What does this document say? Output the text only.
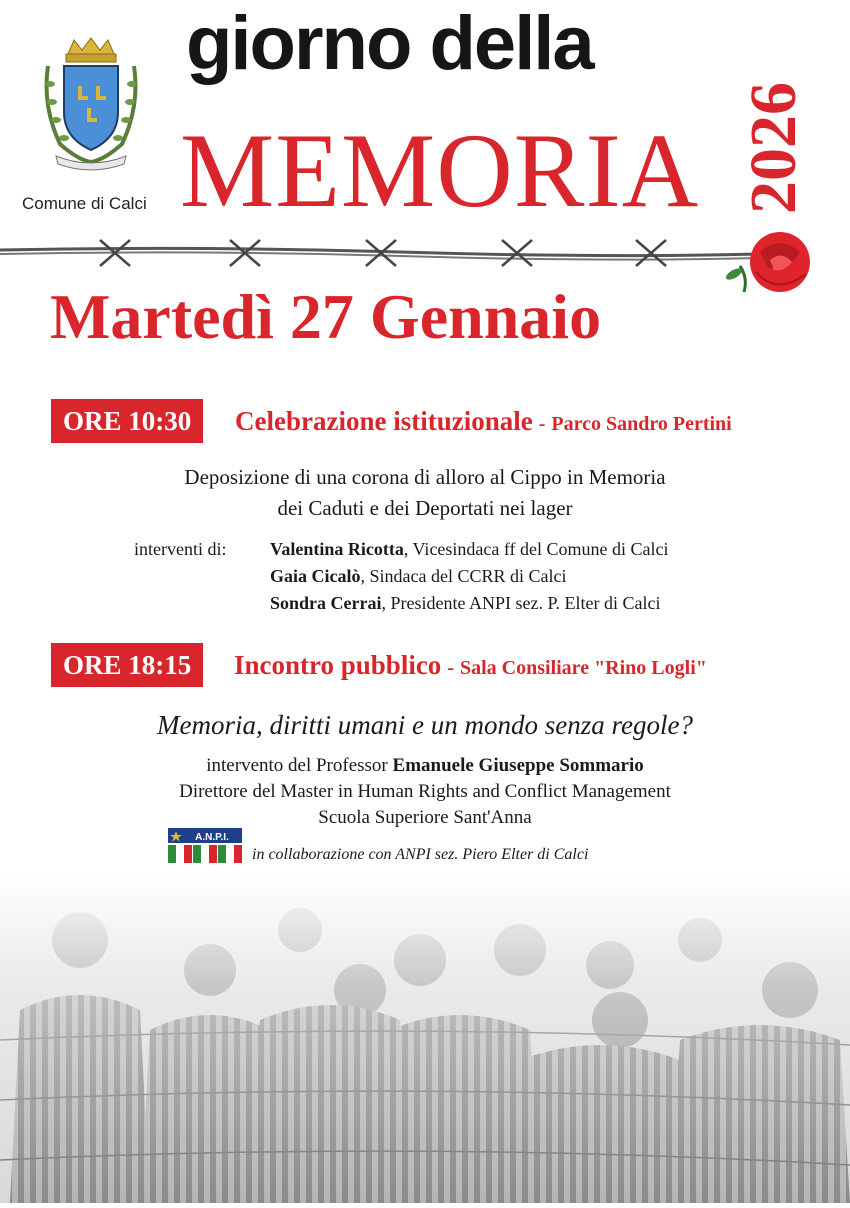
Comune di Calci
giorno della
MEMORIA 2026
Martedì 27 Gennaio
ORE 10:30	Celebrazione istituzionale - Parco Sandro Pertini
Deposizione di una corona di alloro al Cippo in Memoria
dei Caduti e dei Deportati nei lager
interventi di: Valentina Ricotta, Vicesindaca ff del Comune di Calci
Gaia Cicalò, Sindaca del CCRR di Calci
Sondra Cerrai, Presidente ANPI sez. P. Elter di Calci
ORE 18:15	Incontro pubblico - Sala Consiliare "Rino Logli"
Memoria, diritti umani e un mondo senza regole?
intervento del Professor Emanuele Giuseppe Sommario
Direttore del Master in Human Rights and Conflict Management
Scuola Superiore Sant'Anna
A.N.P.I.
in collaborazione con ANPI sez. Piero Elter di Calci
